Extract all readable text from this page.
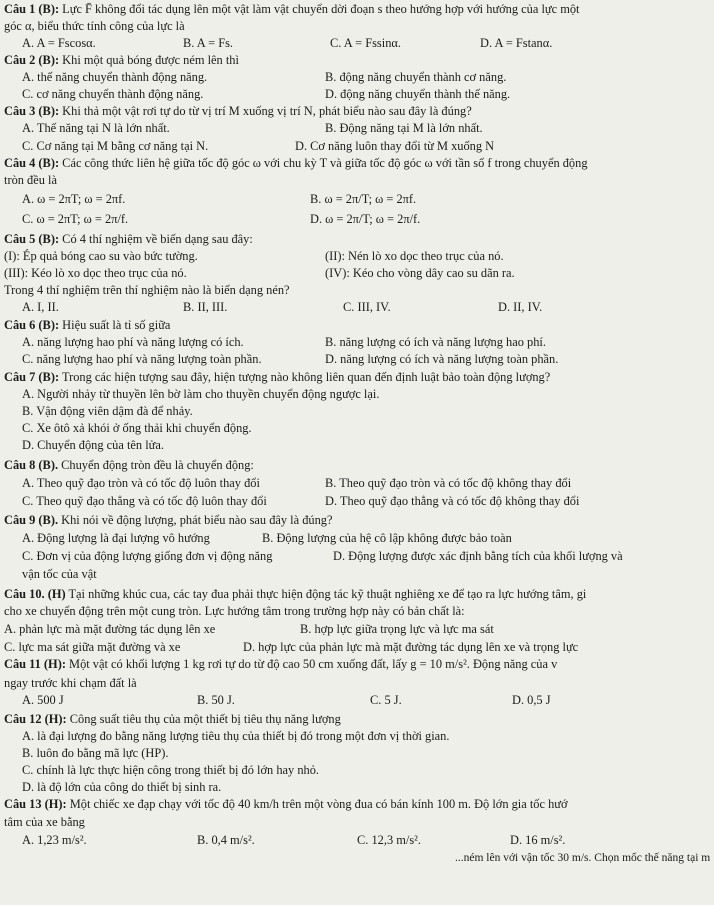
Câu 1 (B): Lực F̄ không đổi tác dụng lên một vật làm vật chuyển dời đoạn s theo hướng hợp với hướng của lực một
góc α, biểu thức tính công của lực là
A. A = Fscosα.	B. A = Fs.	C. A = Fssinα.	D. A = Fstanα.
Câu 2 (B): Khi một quả bóng được ném lên thì
A. thế năng chuyển thành động năng.	B. động năng chuyển thành cơ năng.
C. cơ năng chuyển thành động năng.	D. động năng chuyển thành thế năng.
Câu 3 (B): Khi thả một vật rơi tự do từ vị trí M xuống vị trí N, phát biểu nào sau đây là đúng?
A. Thế năng tại N là lớn nhất.	B. Động năng tại M là lớn nhất.
C. Cơ năng tại M bằng cơ năng tại N.	D. Cơ năng luôn thay đổi từ M xuống N
Câu 4 (B): Các công thức liên hệ giữa tốc độ góc ω với chu kỳ T và giữa tốc độ góc ω với tần số f trong chuyển động
tròn đều là
A. ω = 2πT; ω = 2πf.	B. ω = 2π/T; ω = 2πf.
C. ω = 2πT; ω = 2π/f.	D. ω = 2π/T; ω = 2π/f.
Câu 5 (B): Có 4 thí nghiệm về biến dạng sau đây:
(I): Ép quả bóng cao su vào bức tường.	(II): Nén lò xo dọc theo trục của nó.
(III): Kéo lò xo dọc theo trục của nó.	(IV): Kéo cho vòng dây cao su dãn ra.
Trong 4 thí nghiệm trên thí nghiệm nào là biến dạng nén?
A. I, II.	B. II, III.	C. III, IV.	D. II, IV.
Câu 6 (B): Hiệu suất là tỉ số giữa
A. năng lượng hao phí và năng lượng có ích.	B. năng lượng có ích và năng lượng hao phí.
C. năng lượng hao phí và năng lượng toàn phần.	D. năng lượng có ích và năng lượng toàn phần.
Câu 7 (B): Trong các hiện tượng sau đây, hiện tượng nào không liên quan đến định luật bảo toàn động lượng?
A. Người nhảy từ thuyền lên bờ làm cho thuyền chuyển động ngược lại.
B. Vận động viên dậm đà để nhảy.
C. Xe ôtô xả khói ở ống thải khi chuyển động.
D. Chuyển động của tên lửa.
Câu 8 (B). Chuyển động tròn đều là chuyển động:
A. Theo quỹ đạo tròn và có tốc độ luôn thay đổi	B. Theo quỹ đạo tròn và có tốc độ không thay đổi
C. Theo quỹ đạo thẳng và có tốc độ luôn thay đổi	D. Theo quỹ đạo thẳng và có tốc độ không thay đổi
Câu 9 (B). Khi nói về động lượng, phát biểu nào sau đây là đúng?
A. Động lượng là đại lượng vô hướng	B. Động lượng của hệ cô lập không được bảo toàn
C. Đơn vị của động lượng giống đơn vị động năng	D. Động lượng được xác định bằng tích của khối lượng và
vận tốc của vật
Câu 10. (H) Tại những khúc cua, các tay đua phải thực hiện động tác kỹ thuật nghiêng xe để tạo ra lực hướng tâm, gi
cho xe chuyển động trên một cung tròn. Lực hướng tâm trong trường hợp này có bản chất là:
A. phản lực mà mặt đường tác dụng lên xe	B. hợp lực giữa trọng lực và lực ma sát
C. lực ma sát giữa mặt đường và xe	D. hợp lực của phản lực mà mặt đường tác dụng lên xe và trọng lực
Câu 11 (H): Một vật có khối lượng 1 kg rơi tự do từ độ cao 50 cm xuống đất, lấy g = 10 m/s². Động năng của v
ngay trước khi chạm đất là
A. 500 J	B. 50 J.	C. 5 J.	D. 0,5 J
Câu 12 (H): Công suất tiêu thụ của một thiết bị tiêu thụ năng lượng
A. là đại lượng đo bằng năng lượng tiêu thụ của thiết bị đó trong một đơn vị thời gian.
B. luôn đo bằng mã lực (HP).
C. chính là lực thực hiện công trong thiết bị đó lớn hay nhỏ.
D. là độ lớn của công do thiết bị sinh ra.
Câu 13 (H): Một chiếc xe đạp chạy với tốc độ 40 km/h trên một vòng đua có bán kính 100 m. Độ lớn gia tốc hướ
tâm của xe bằng
A. 1,23 m/s².	B. 0,4 m/s².	C. 12,3 m/s².	D. 16 m/s².
...ném lên với vận tốc 30 m/s. Chọn mốc thế năng tại m
